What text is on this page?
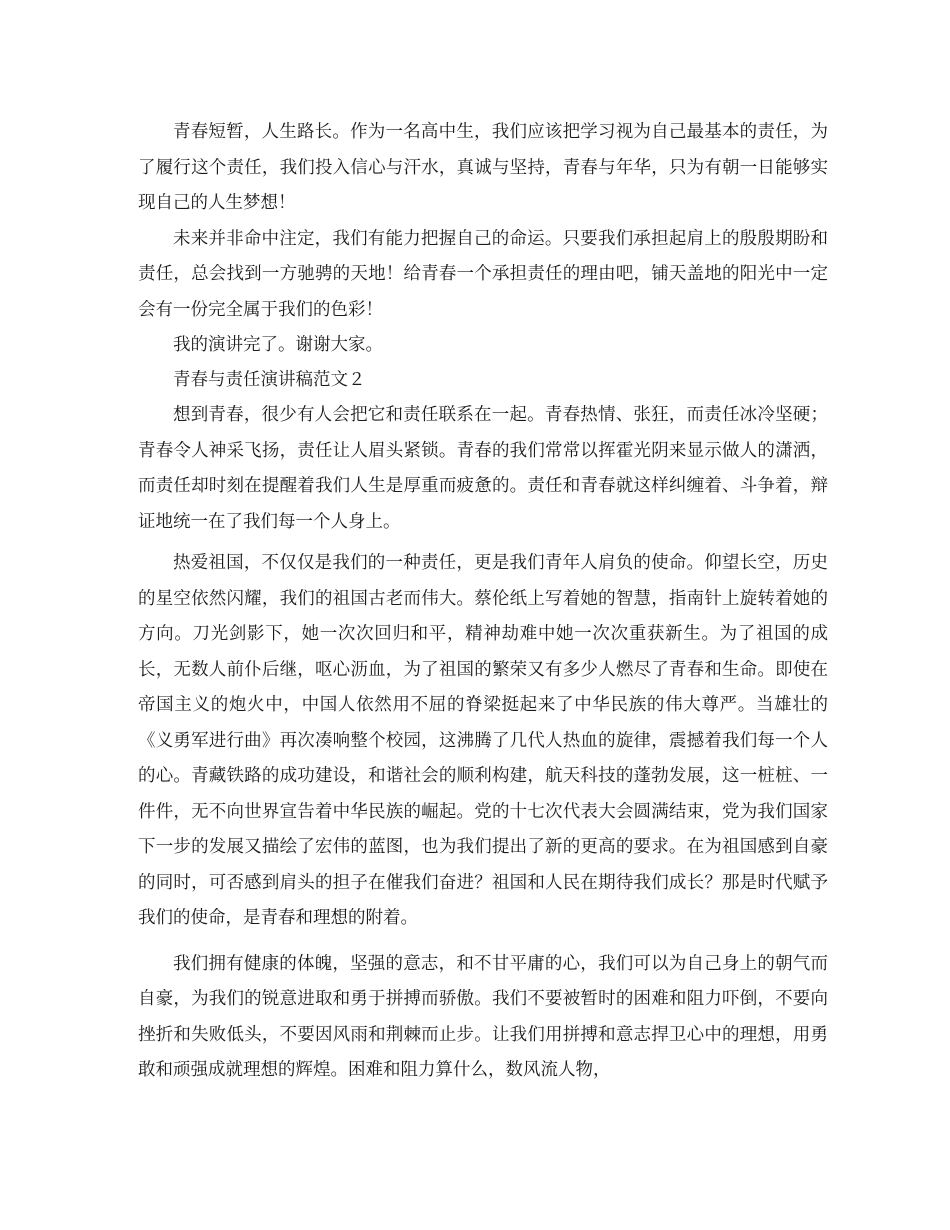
青春短暂，人生路长。作为一名高中生，我们应该把学习视为自己最基本的责任，为了履行这个责任，我们投入信心与汗水，真诚与坚持，青春与年华，只为有朝一日能够实现自己的人生梦想！

未来并非命中注定，我们有能力把握自己的命运。只要我们承担起肩上的殷殷期盼和责任，总会找到一方驰骋的天地！给青春一个承担责任的理由吧，铺天盖地的阳光中一定会有一份完全属于我们的色彩！

我的演讲完了。谢谢大家。

青春与责任演讲稿范文２

想到青春，很少有人会把它和责任联系在一起。青春热情、张狂，而责任冰冷坚硬；青春令人神采飞扬，责任让人眉头紧锁。青春的我们常常以挥霍光阴来显示做人的潇洒，而责任却时刻在提醒着我们人生是厚重而疲惫的。责任和青春就这样纠缠着、斗争着，辩证地统一在了我们每一个人身上。

热爱祖国，不仅仅是我们的一种责任，更是我们青年人肩负的使命。仰望长空，历史的星空依然闪耀，我们的祖国古老而伟大。蔡伦纸上写着她的智慧，指南针上旋转着她的方向。刀光剑影下，她一次次回归和平，精神劫难中她一次次重获新生。为了祖国的成长，无数人前仆后继，呕心沥血，为了祖国的繁荣又有多少人燃尽了青春和生命。即使在帝国主义的炮火中，中国人依然用不屈的脊梁挺起来了中华民族的伟大尊严。当雄壮的《义勇军进行曲》再次凑响整个校园，这沸腾了几代人热血的旋律，震撼着我们每一个人的心。青藏铁路的成功建设，和谐社会的顺利构建，航天科技的蓬勃发展，这一桩桩、一件件，无不向世界宣告着中华民族的崛起。党的十七次代表大会圆满结束，党为我们国家下一步的发展又描绘了宏伟的蓝图，也为我们提出了新的更高的要求。在为祖国感到自豪的同时，可否感到肩头的担子在催我们奋进？祖国和人民在期待我们成长？那是时代赋予我们的使命，是青春和理想的附着。

我们拥有健康的体魄，坚强的意志，和不甘平庸的心，我们可以为自己身上的朝气而自豪，为我们的锐意进取和勇于拼搏而骄傲。我们不要被暂时的困难和阻力吓倒，不要向挫折和失败低头，不要因风雨和荆棘而止步。让我们用拼搏和意志捍卫心中的理想，用勇敢和顽强成就理想的辉煌。困难和阻力算什么，数风流人物，
